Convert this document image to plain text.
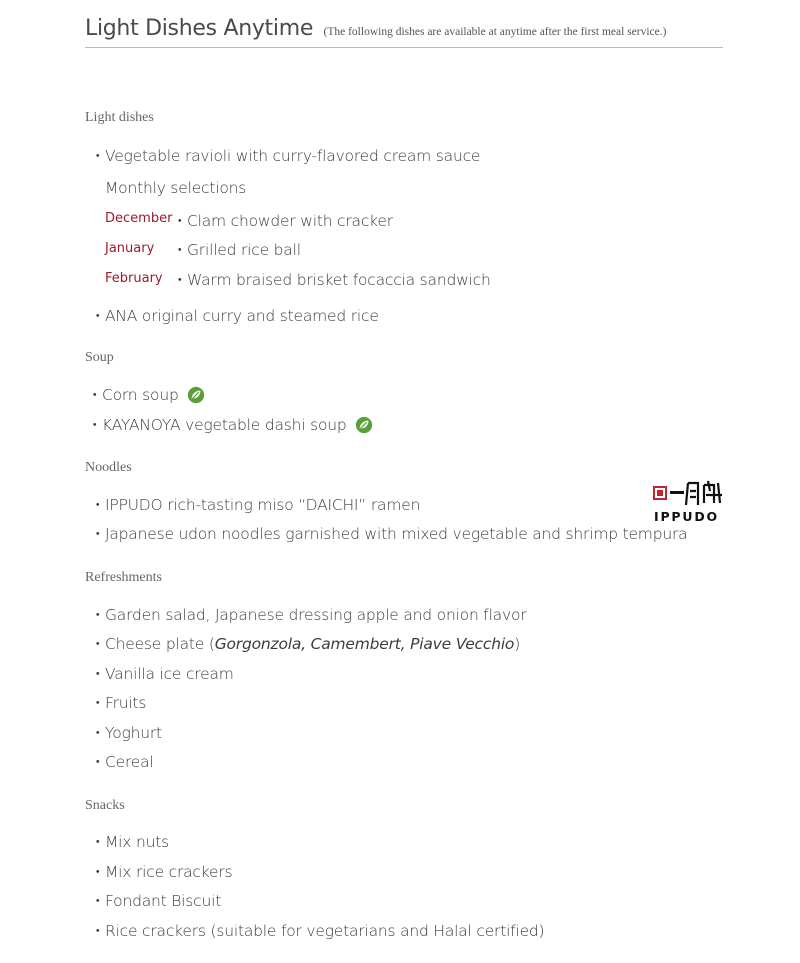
Light Dishes Anytime (The following dishes are available at anytime after the first meal service.)
Light dishes
・Vegetable ravioli with curry-flavored cream sauce
Monthly selections
December ・Clam chowder with cracker
January ・Grilled rice ball
February ・Warm braised brisket focaccia sandwich
・ANA original curry and steamed rice
Soup
・Corn soup
・KAYANOYA vegetable dashi soup
Noodles
・IPPUDO rich-tasting miso “DAICHI” ramen
・Japanese udon noodles garnished with mixed vegetable and shrimp tempura
IPPUDO
Refreshments
・Garden salad, Japanese dressing apple and onion flavor
・Cheese plate (Gorgonzola, Camembert, Piave Vecchio)
・Vanilla ice cream
・Fruits
・Yoghurt
・Cereal
Snacks
・Mix nuts
・Mix rice crackers
・Fondant Biscuit
・Rice crackers (suitable for vegetarians and Halal certified)
